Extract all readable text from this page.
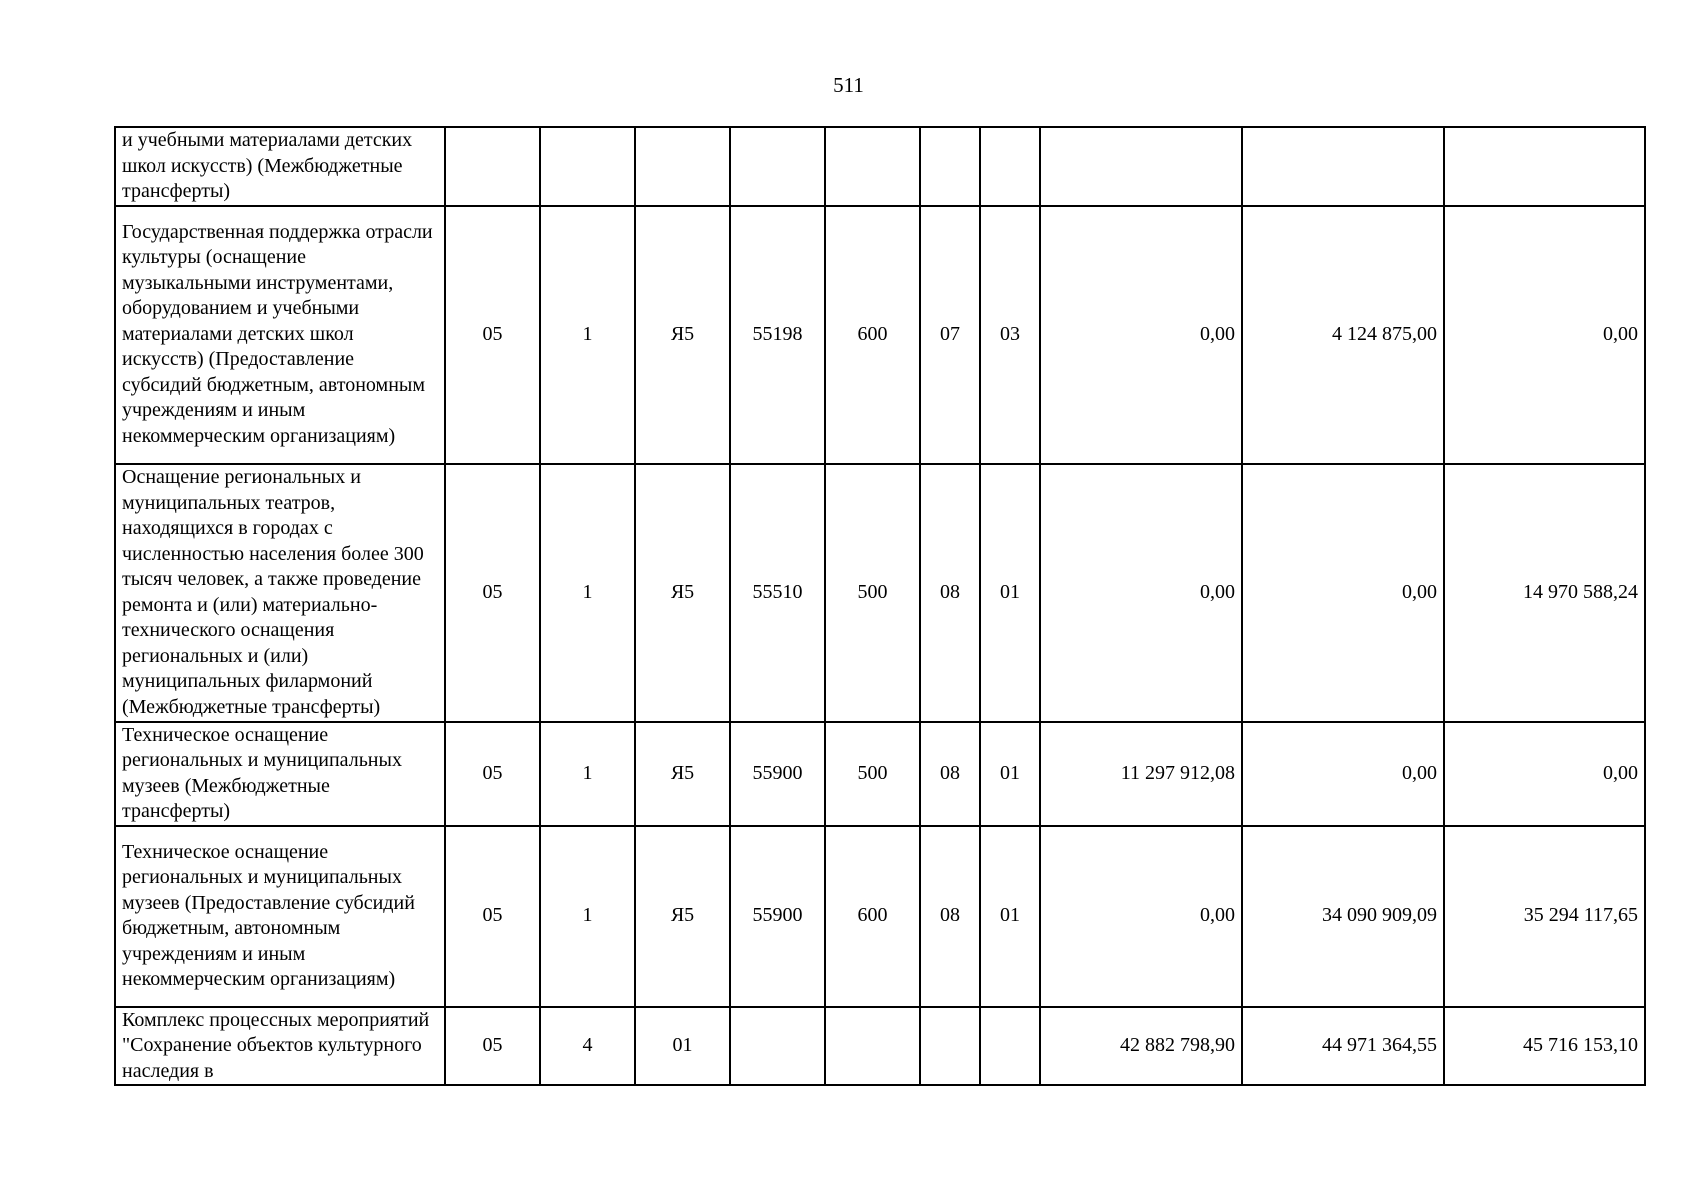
511
и учебными материалами детских школ искусств) (Межбюджетные трансферты)										
Государственная поддержка отрасли культуры (оснащение музыкальными инструментами, оборудованием и учебными материалами детских школ искусств) (Предоставление субсидий бюджетным, автономным учреждениям и иным некоммерческим организациям)	05	1	Я5	55198	600	07	03	0,00	4 124 875,00	0,00
Оснащение региональных и муниципальных театров, находящихся в городах с численностью населения более 300 тысяч человек, а также проведение ремонта и (или) материально-технического оснащения региональных и (или) муниципальных филармоний (Межбюджетные трансферты)	05	1	Я5	55510	500	08	01	0,00	0,00	14 970 588,24
Техническое оснащение региональных и муниципальных музеев (Межбюджетные трансферты)	05	1	Я5	55900	500	08	01	11 297 912,08	0,00	0,00
Техническое оснащение региональных и муниципальных музеев (Предоставление субсидий бюджетным, автономным учреждениям и иным некоммерческим организациям)	05	1	Я5	55900	600	08	01	0,00	34 090 909,09	35 294 117,65
Комплекс процессных мероприятий "Сохранение объектов культурного наследия в	05	4	01					42 882 798,90	44 971 364,55	45 716 153,10
